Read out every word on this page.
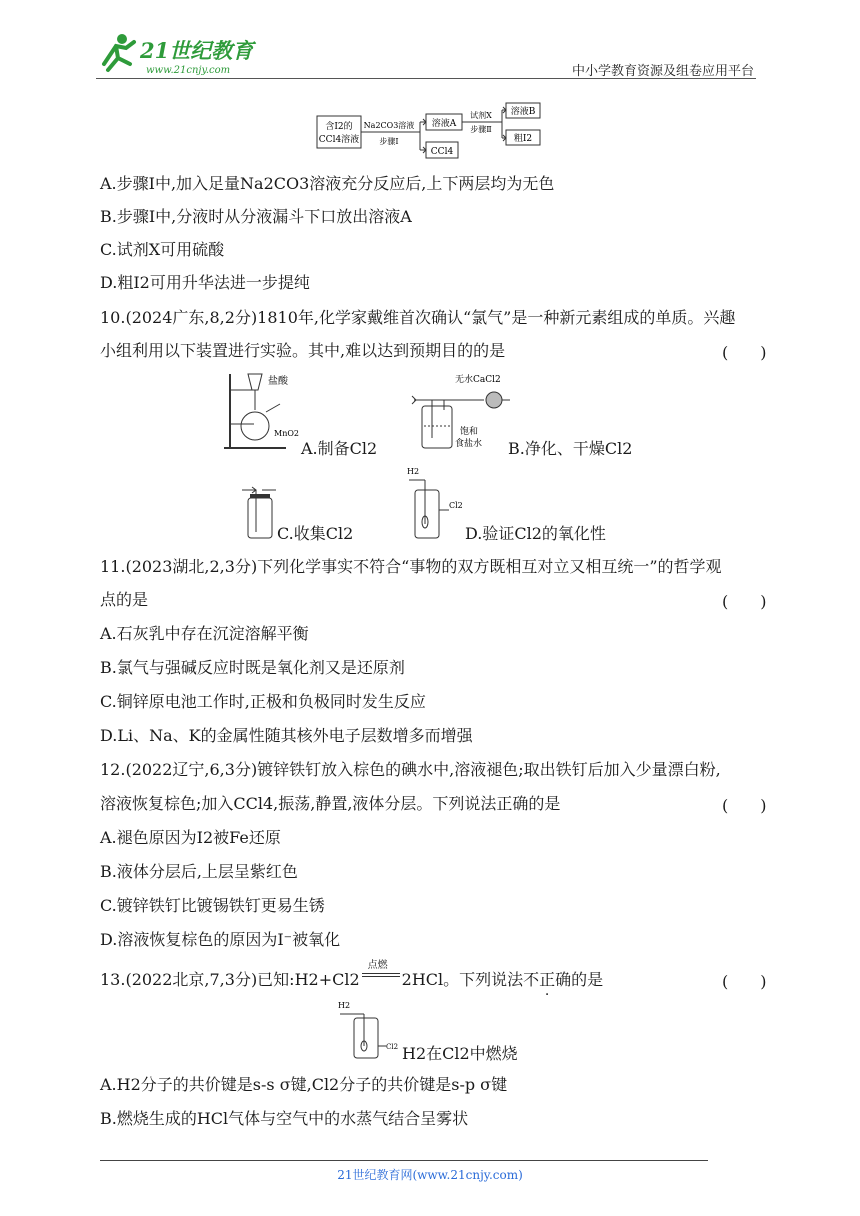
21世纪教育
www.21cnjy.com	中小学教育资源及组卷应用平台
含I2的
CCl4溶液
Na2CO3溶液
步骤Ⅰ
溶液A
CCl4
试剂X
步骤Ⅱ
溶液B
粗I2
A.步骤Ⅰ中,加入足量Na2CO3溶液充分反应后,上下两层均为无色
B.步骤Ⅰ中,分液时从分液漏斗下口放出溶液A
C.试剂X可用硫酸
D.粗I2可用升华法进一步提纯
10.(2024广东,8,2分)1810年,化学家戴维首次确认“氯气”是一种新元素组成的单质。兴趣
小组利用以下装置进行实验。其中,难以达到预期目的的是	(　　)
盐酸
MnO2
A.制备Cl2
无水CaCl2
饱和
食盐水 B.净化、干燥Cl2
C.收集Cl2
H2
Cl2
D.验证Cl2的氧化性
11.(2023湖北,2,3分)下列化学事实不符合“事物的双方既相互对立又相互统一”的哲学观
点的是	(　　)
A.石灰乳中存在沉淀溶解平衡
B.氯气与强碱反应时既是氧化剂又是还原剂
C.铜锌原电池工作时,正极和负极同时发生反应
D.Li、Na、K的金属性随其核外电子层数增多而增强
12.(2022辽宁,6,3分)镀锌铁钉放入棕色的碘水中,溶液褪色;取出铁钉后加入少量漂白粉,
溶液恢复棕色;加入CCl4,振荡,静置,液体分层。下列说法正确的是	(　　)
A.褪色原因为I2被Fe还原
B.液体分层后,上层呈紫红色
C.镀锌铁钉比镀锡铁钉更易生锈
D.溶液恢复棕色的原因为I⁻被氧化
13.(2022北京,7,3分)已知:H2+Cl2
点燃
2HCl。下列说法不正确的是	(　　)
H2
Cl2 H2在Cl2中燃烧
A.H2分子的共价键是s-s σ键,Cl2分子的共价键是s-p σ键
B.燃烧生成的HCl气体与空气中的水蒸气结合呈雾状
21世纪教育网(www.21cnjy.com)
